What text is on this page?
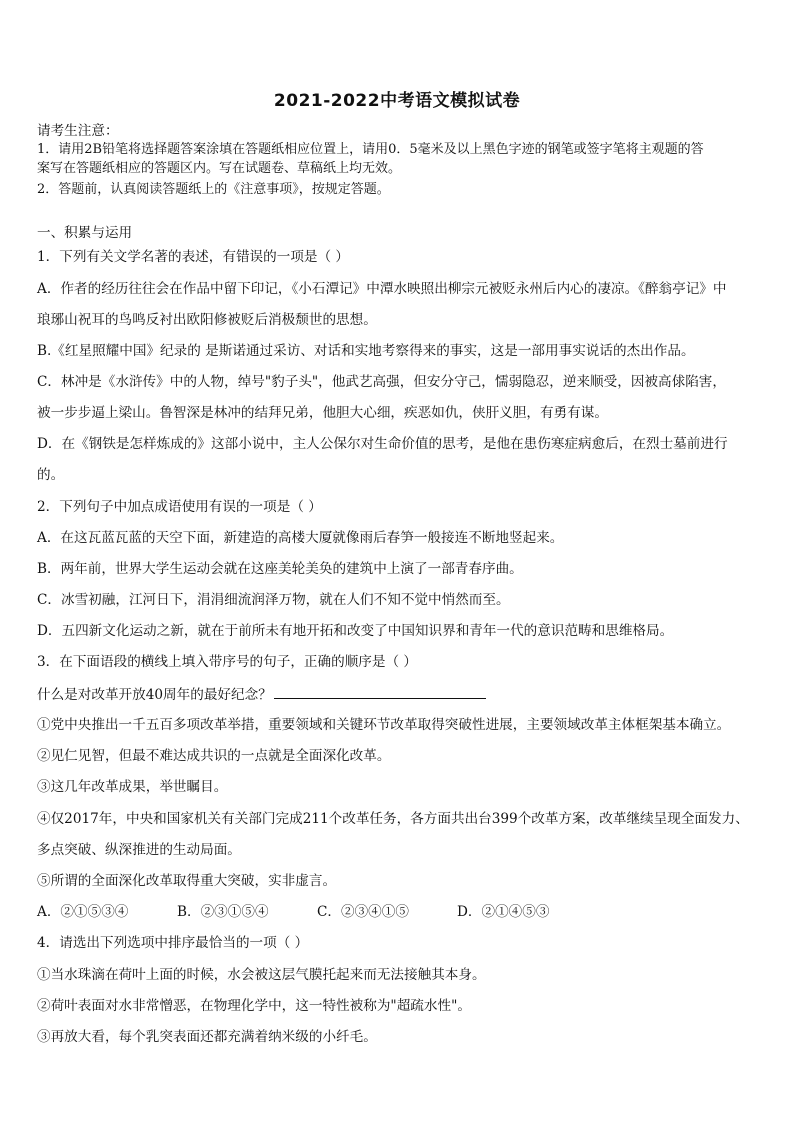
2021-2022中考语文模拟试卷
请考生注意：
1．请用2B铅笔将选择题答案涂填在答题纸相应位置上，请用0．5毫米及以上黑色字迹的钢笔或签字笔将主观题的答
案写在答题纸相应的答题区内。写在试题卷、草稿纸上均无效。
2．答题前，认真阅读答题纸上的《注意事项》，按规定答题。
一、积累与运用
1．下列有关文学名著的表述，有错误的一项是（ ）
A．作者的经历往往会在作品中留下印记，《小石潭记》中潭水映照出柳宗元被贬永州后内心的凄凉。《醉翁亭记》中
琅琊山祝耳的鸟鸣反衬出欧阳修被贬后消极颓世的思想。
B.《红星照耀中国》纪录的 是斯诺通过采访、对话和实地考察得来的事实，这是一部用事实说话的杰出作品。
C．林冲是《水浒传》中的人物，绰号"豹子头"，他武艺高强，但安分守己，懦弱隐忍，逆来顺受，因被高俅陷害，
被一步步逼上梁山。鲁智深是林冲的结拜兄弟，他胆大心细，疾恶如仇，侠肝义胆，有勇有谋。
D．在《钢铁是怎样炼成的》这部小说中，主人公保尔对生命价值的思考，是他在患伤寒症病愈后，在烈士墓前进行
的。
2．下列句子中加点成语使用有误的一项是（ ）
A．在这瓦蓝瓦蓝的天空下面，新建造的高楼大厦就像雨后春笋一般接连不断地竖起来。
B．两年前，世界大学生运动会就在这座美轮美奂的建筑中上演了一部青春序曲。
C．冰雪初融，江河日下，涓涓细流润泽万物，就在人们不知不觉中悄然而至。
D．五四新文化运动之新，就在于前所未有地开拓和改变了中国知识界和青年一代的意识范畴和思维格局。
3．在下面语段的横线上填入带序号的句子，正确的顺序是（ ）
什么是对改革开放40周年的最好纪念？
①党中央推出一千五百多项改革举措，重要领域和关键环节改革取得突破性进展，主要领域改革主体框架基本确立。
②见仁见智，但最不难达成共识的一点就是全面深化改革。
③这几年改革成果，举世瞩目。
④仅2017年，中央和国家机关有关部门完成211个改革任务，各方面共出台399个改革方案，改革继续呈现全面发力、
多点突破、纵深推进的生动局面。
⑤所谓的全面深化改革取得重大突破，实非虚言。
A．②①⑤③④	B．②③①⑤④	C．②③④①⑤	D．②①④⑤③
4．请选出下列选项中排序最恰当的一项（ ）
①当水珠滴在荷叶上面的时候，水会被这层气膜托起来而无法接触其本身。
②荷叶表面对水非常憎恶，在物理化学中，这一特性被称为"超疏水性"。
③再放大看，每个乳突表面还都充满着纳米级的小纤毛。
